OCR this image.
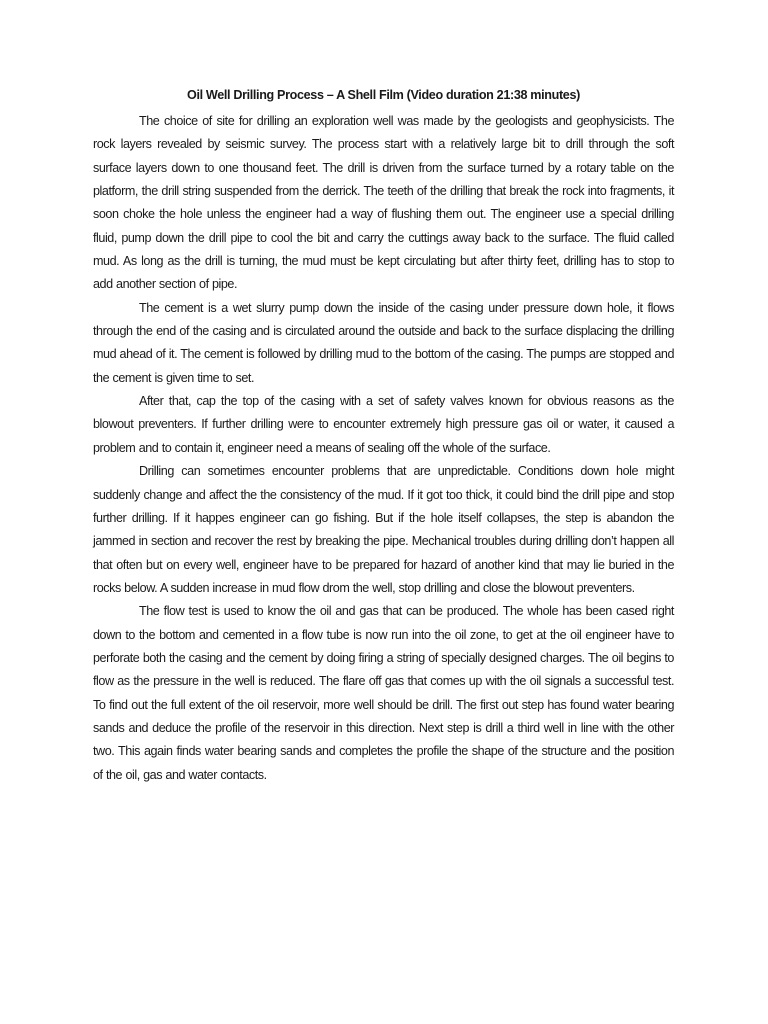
Oil Well Drilling Process – A Shell Film (Video duration 21:38 minutes)

The choice of site for drilling an exploration well was made by the geologists and geophysicists. The rock layers revealed by seismic survey. The process start with a relatively large bit to drill through the soft surface layers down to one thousand feet. The drill is driven from the surface turned by a rotary table on the platform, the drill string suspended from the derrick. The teeth of the drilling that break the rock into fragments, it soon choke the hole unless the engineer had a way of flushing them out. The engineer use a special drilling fluid, pump down the drill pipe to cool the bit and carry the cuttings away back to the surface. The fluid called mud. As long as the drill is turning, the mud must be kept circulating but after thirty feet, drilling has to stop to add another section of pipe.

The cement is a wet slurry pump down the inside of the casing under pressure down hole, it flows through the end of the casing and is circulated around the outside and back to the surface displacing the drilling mud ahead of it. The cement is followed by drilling mud to the bottom of the casing. The pumps are stopped and the cement is given time to set.

After that, cap the top of the casing with a set of safety valves known for obvious reasons as the blowout preventers. If further drilling were to encounter extremely high pressure gas oil or water, it caused a problem and to contain it, engineer need a means of sealing off the whole of the surface.

Drilling can sometimes encounter problems that are unpredictable. Conditions down hole might suddenly change and affect the the consistency of the mud. If it got too thick, it could bind the drill pipe and stop further drilling. If it happes engineer can go fishing. But if the hole itself collapses, the step is abandon the jammed in section and recover the rest by breaking the pipe. Mechanical troubles during drilling don’t happen all that often but on every well, engineer have to be prepared for hazard of another kind that may lie buried in the rocks below. A sudden increase in mud flow drom the well, stop drilling and close the blowout preventers.

The flow test is used to know the oil and gas that can be produced. The whole has been cased right down to the bottom and cemented in a flow tube is now run into the oil zone, to get at the oil engineer have to perforate both the casing and the cement by doing firing a string of specially designed charges. The oil begins to flow as the pressure in the well is reduced. The flare off gas that comes up with the oil signals a successful test. To find out the full extent of the oil reservoir, more well should be drill. The first out step has found water bearing sands and deduce the profile of the reservoir in this direction. Next step is drill a third well in line with the other two. This again finds water bearing sands and completes the profile the shape of the structure and the position of the oil, gas and water contacts.
